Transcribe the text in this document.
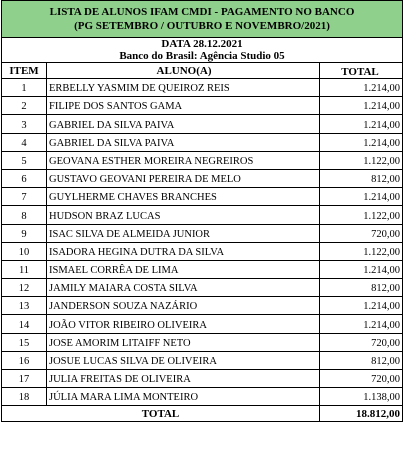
LISTA DE ALUNOS IFAM CMDI - PAGAMENTO NO BANCO
(PG SETEMBRO / OUTUBRO E NOVEMBRO/2021)		

DATA 28.12.2021
Banco do Brasil: Agência Studio 05		

ITEM	ALUNO(A)	TOTAL
1	ERBELLY YASMIM DE QUEIROZ REIS	1.214,00
2	FILIPE DOS SANTOS GAMA	1.214,00
3	GABRIEL DA SILVA PAIVA	1.214,00
4	GABRIEL DA SILVA PAIVA	1.214,00
5	GEOVANA ESTHER MOREIRA NEGREIROS	1.122,00
6	GUSTAVO GEOVANI PEREIRA DE MELO	812,00
7	GUYLHERME CHAVES BRANCHES	1.214,00
8	HUDSON BRAZ LUCAS	1.122,00
9	ISAC SILVA DE ALMEIDA JUNIOR	720,00
10	ISADORA HEGINA DUTRA DA SILVA	1.122,00
11	ISMAEL CORRÊA DE LIMA	1.214,00
12	JAMILY MAIARA COSTA SILVA	812,00
13	JANDERSON SOUZA NAZÁRIO	1.214,00
14	JOÃO VITOR RIBEIRO OLIVEIRA	1.214,00
15	JOSE AMORIM LITAIFF NETO	720,00
16	JOSUE LUCAS SILVA DE OLIVEIRA	812,00
17	JULIA FREITAS DE OLIVEIRA	720,00
18	JÚLIA MARA LIMA MONTEIRO	1.138,00
TOTAL		18.812,00
